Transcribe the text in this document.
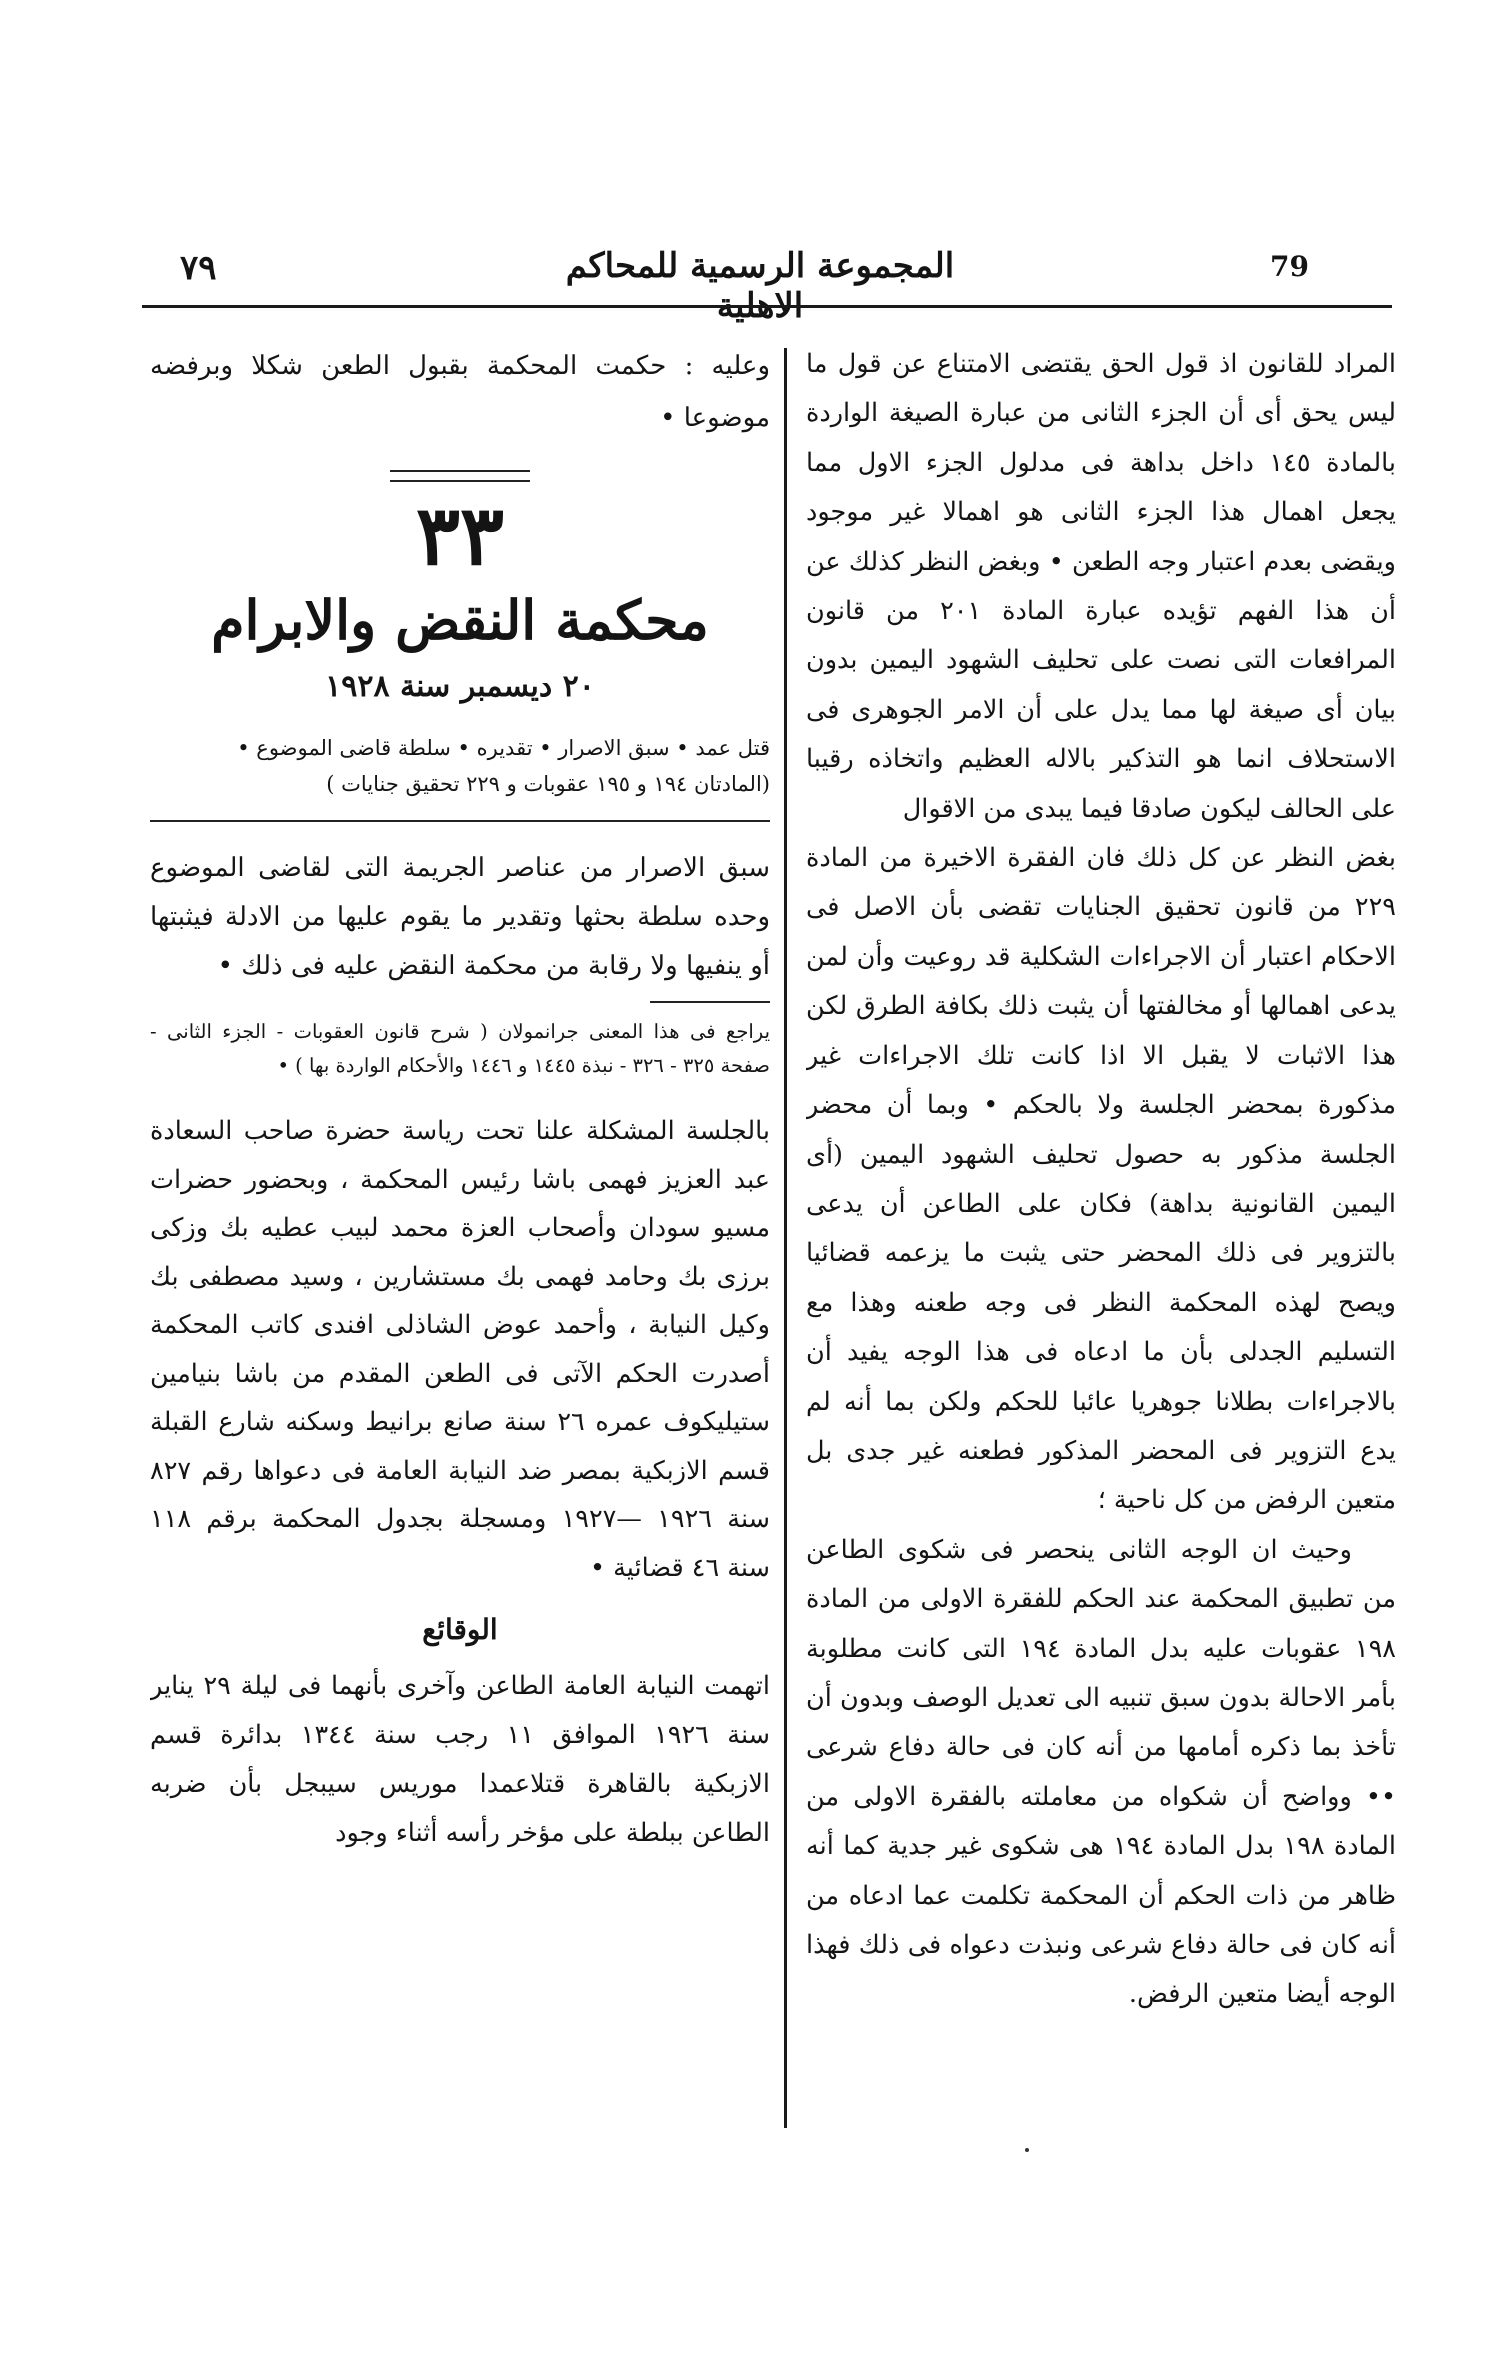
٧٩	المجموعة الرسمية للمحاكم الاهلية
79

المراد للقانون اذ قول الحق يقتضى الامتناع عن قول ما ليس يحق أى أن الجزء الثانى من عبارة الصيغة الواردة بالمادة ١٤٥ داخل بداهة فى مدلول الجزء الاول مما يجعل اهمال هذا الجزء الثانى هو اهمالا غير موجود ويقضى بعدم اعتبار وجه الطعن • وبغض النظر كذلك عن أن هذا الفهم تؤيده عبارة المادة ٢٠١ من قانون المرافعات التى نصت على تحليف الشهود اليمين بدون بيان أى صيغة لها مما يدل على أن الامر الجوهرى فى الاستحلاف انما هو التذكير بالاله العظيم واتخاذه رقيبا على الحالف ليكون صادقا فيما يبدى من الاقوال

بغض النظر عن كل ذلك فان الفقرة الاخيرة من المادة ٢٢٩ من قانون تحقيق الجنايات تقضى بأن الاصل فى الاحكام اعتبار أن الاجراءات الشكلية قد روعيت وأن لمن يدعى اهمالها أو مخالفتها أن يثبت ذلك بكافة الطرق لكن هذا الاثبات لا يقبل الا اذا كانت تلك الاجراءات غير مذكورة بمحضر الجلسة ولا بالحكم • وبما أن محضر الجلسة مذكور به حصول تحليف الشهود اليمين (أى اليمين القانونية بداهة) فكان على الطاعن أن يدعى بالتزوير فى ذلك المحضر حتى يثبت ما يزعمه قضائيا ويصح لهذه المحكمة النظر فى وجه طعنه وهذا مع التسليم الجدلى بأن ما ادعاه فى هذا الوجه يفيد أن بالاجراءات بطلانا جوهريا عائبا للحكم ولكن بما أنه لم يدع التزوير فى المحضر المذكور فطعنه غير جدى بل متعين الرفض من كل ناحية ؛

وحيث ان الوجه الثانى ينحصر فى شكوى الطاعن من تطبيق المحكمة عند الحكم للفقرة الاولى من المادة ١٩٨ عقوبات عليه بدل المادة ١٩٤ التى كانت مطلوبة بأمر الاحالة بدون سبق تنبيه الى تعديل الوصف وبدون أن تأخذ بما ذكره أمامها من أنه كان فى حالة دفاع شرعى •• وواضح أن شكواه من معاملته بالفقرة الاولى من المادة ١٩٨ بدل المادة ١٩٤ هى شكوى غير جدية كما أنه ظاهر من ذات الحكم أن المحكمة تكلمت عما ادعاه من أنه كان فى حالة دفاع شرعى ونبذت دعواه فى ذلك فهذا الوجه أيضا متعين الرفض.

وعليه : حكمت المحكمة بقبول الطعن شكلا وبرفضه موضوعا •

٣٣
محكمة النقض والابرام
٢٠ ديسمبر سنة ١٩٢٨

قتل عمد • سبق الاصرار • تقديره • سلطة قاضى الموضوع •

(المادتان ١٩٤ و ١٩٥ عقوبات و ٢٢٩ تحقيق جنايات )

سبق الاصرار من عناصر الجريمة التى لقاضى الموضوع وحده سلطة بحثها وتقدير ما يقوم عليها من الادلة فيثبتها أو ينفيها ولا رقابة من محكمة النقض عليه فى ذلك •

يراجع فى هذا المعنى جرانمولان ( شرح قانون العقوبات - الجزء الثانى - صفحة ٣٢٥ - ٣٢٦ - نبذة ١٤٤٥ و ١٤٤٦ والأحكام الواردة بها ) •

بالجلسة المشكلة علنا تحت رياسة حضرة صاحب السعادة عبد العزيز فهمى باشا رئيس المحكمة ، وبحضور حضرات مسيو سودان وأصحاب العزة محمد لبيب عطيه بك وزكى برزى بك وحامد فهمى بك مستشارين ، وسيد مصطفى بك وكيل النيابة ، وأحمد عوض الشاذلى افندى كاتب المحكمة أصدرت الحكم الآتى فى الطعن المقدم من باشا بنيامين ستيليكوف عمره ٢٦ سنة صانع برانيط وسكنه شارع القبلة قسم الازبكية بمصر ضد النيابة العامة فى دعواها رقم ٨٢٧ سنة ١٩٢٦ —١٩٢٧ ومسجلة بجدول المحكمة برقم ١١٨ سنة ٤٦ قضائية •

الوقائع

اتهمت النيابة العامة الطاعن وآخرى بأنهما فى ليلة ٢٩ يناير سنة ١٩٢٦ الموافق ١١ رجب سنة ١٣٤٤ بدائرة قسم الازبكية بالقاهرة قتلاعمدا موريس سيبجل بأن ضربه الطاعن ببلطة على مؤخر رأسه أثناء وجود
